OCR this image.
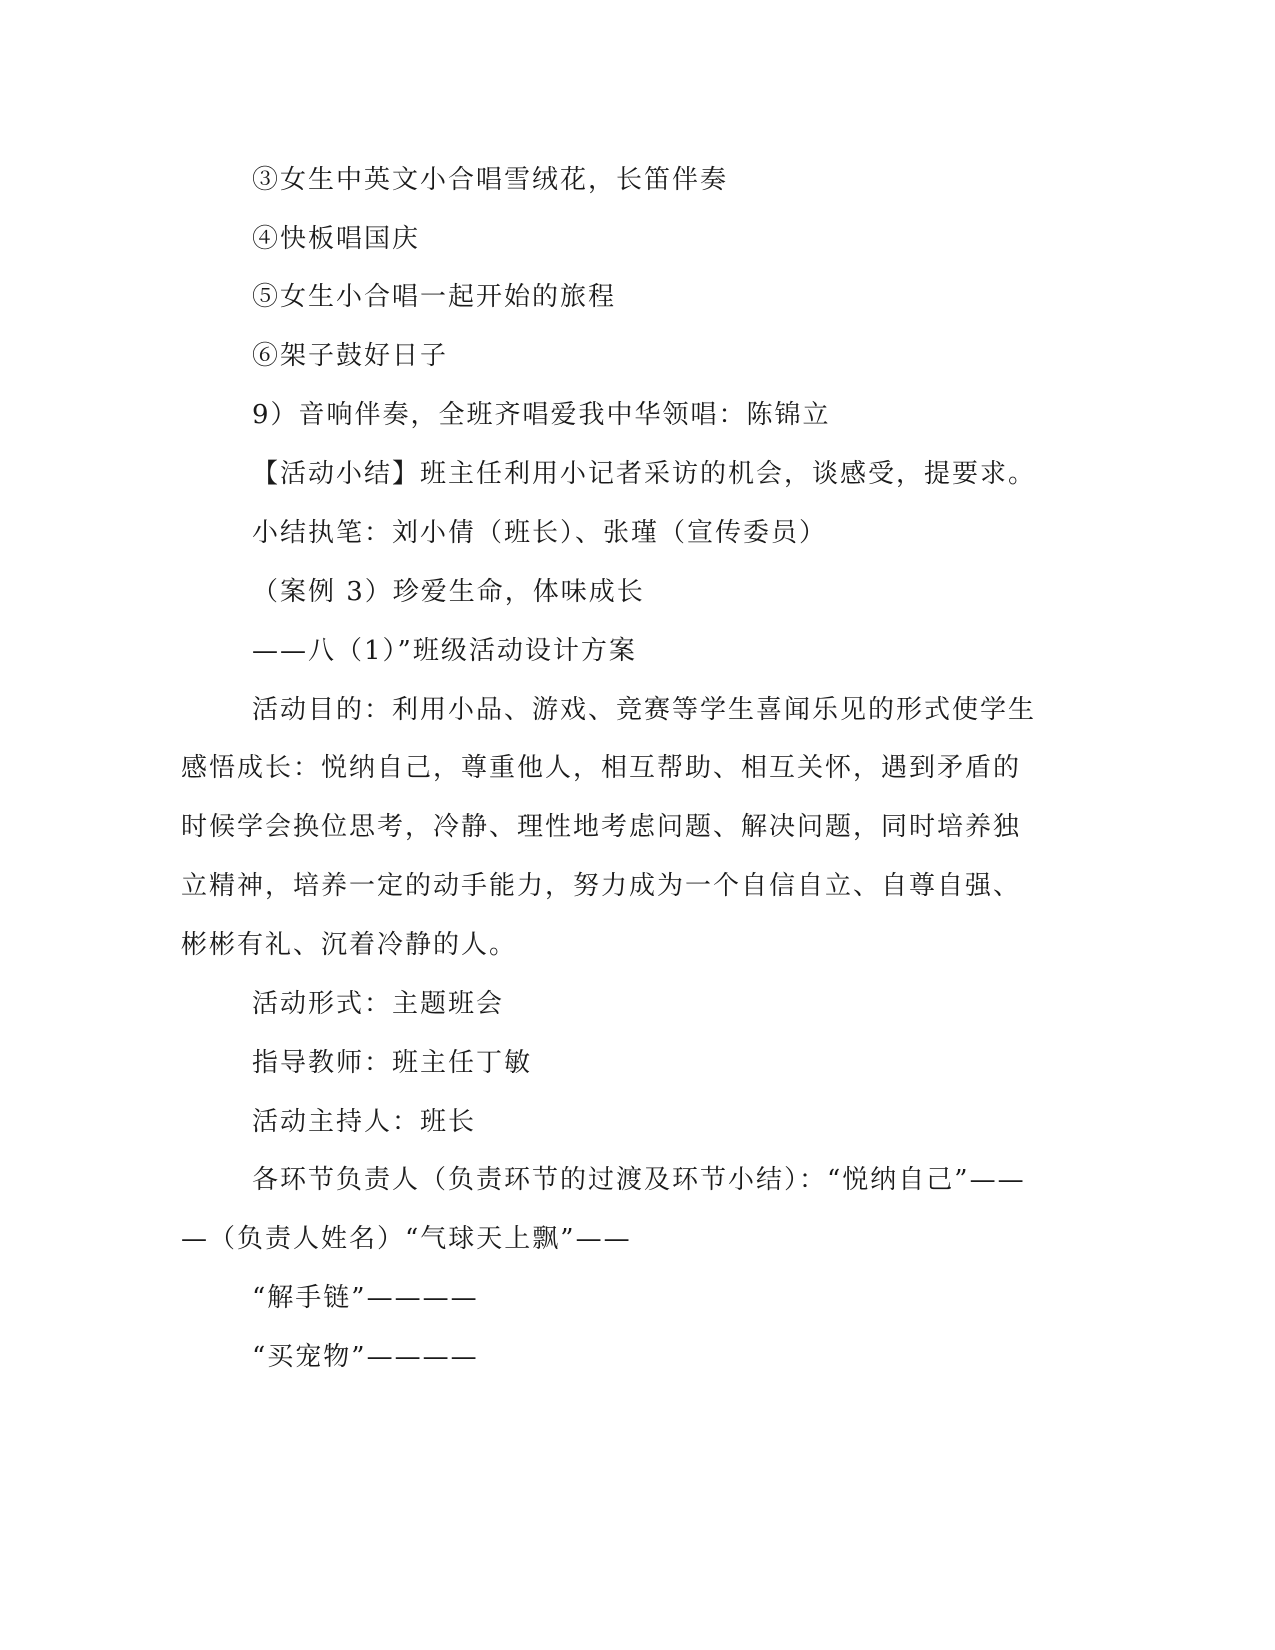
③女生中英文小合唱雪绒花，长笛伴奏
④快板唱国庆
⑤女生小合唱一起开始的旅程
⑥架子鼓好日子
9）音响伴奏，全班齐唱爱我中华领唱：陈锦立
【活动小结】班主任利用小记者采访的机会，谈感受，提要求。
小结执笔：刘小倩（班长）、张瑾（宣传委员）
（案例 3）珍爱生命，体味成长
——八（1）”班级活动设计方案
活动目的：利用小品、游戏、竞赛等学生喜闻乐见的形式使学生
感悟成长：悦纳自己，尊重他人，相互帮助、相互关怀，遇到矛盾的
时候学会换位思考，冷静、理性地考虑问题、解决问题，同时培养独
立精神，培养一定的动手能力，努力成为一个自信自立、自尊自强、
彬彬有礼、沉着冷静的人。
活动形式：主题班会
指导教师：班主任丁敏
活动主持人：班长
各环节负责人（负责环节的过渡及环节小结）：“悦纳自己”——
—（负责人姓名）“气球天上飘”——
“解手链”————
“买宠物”————
